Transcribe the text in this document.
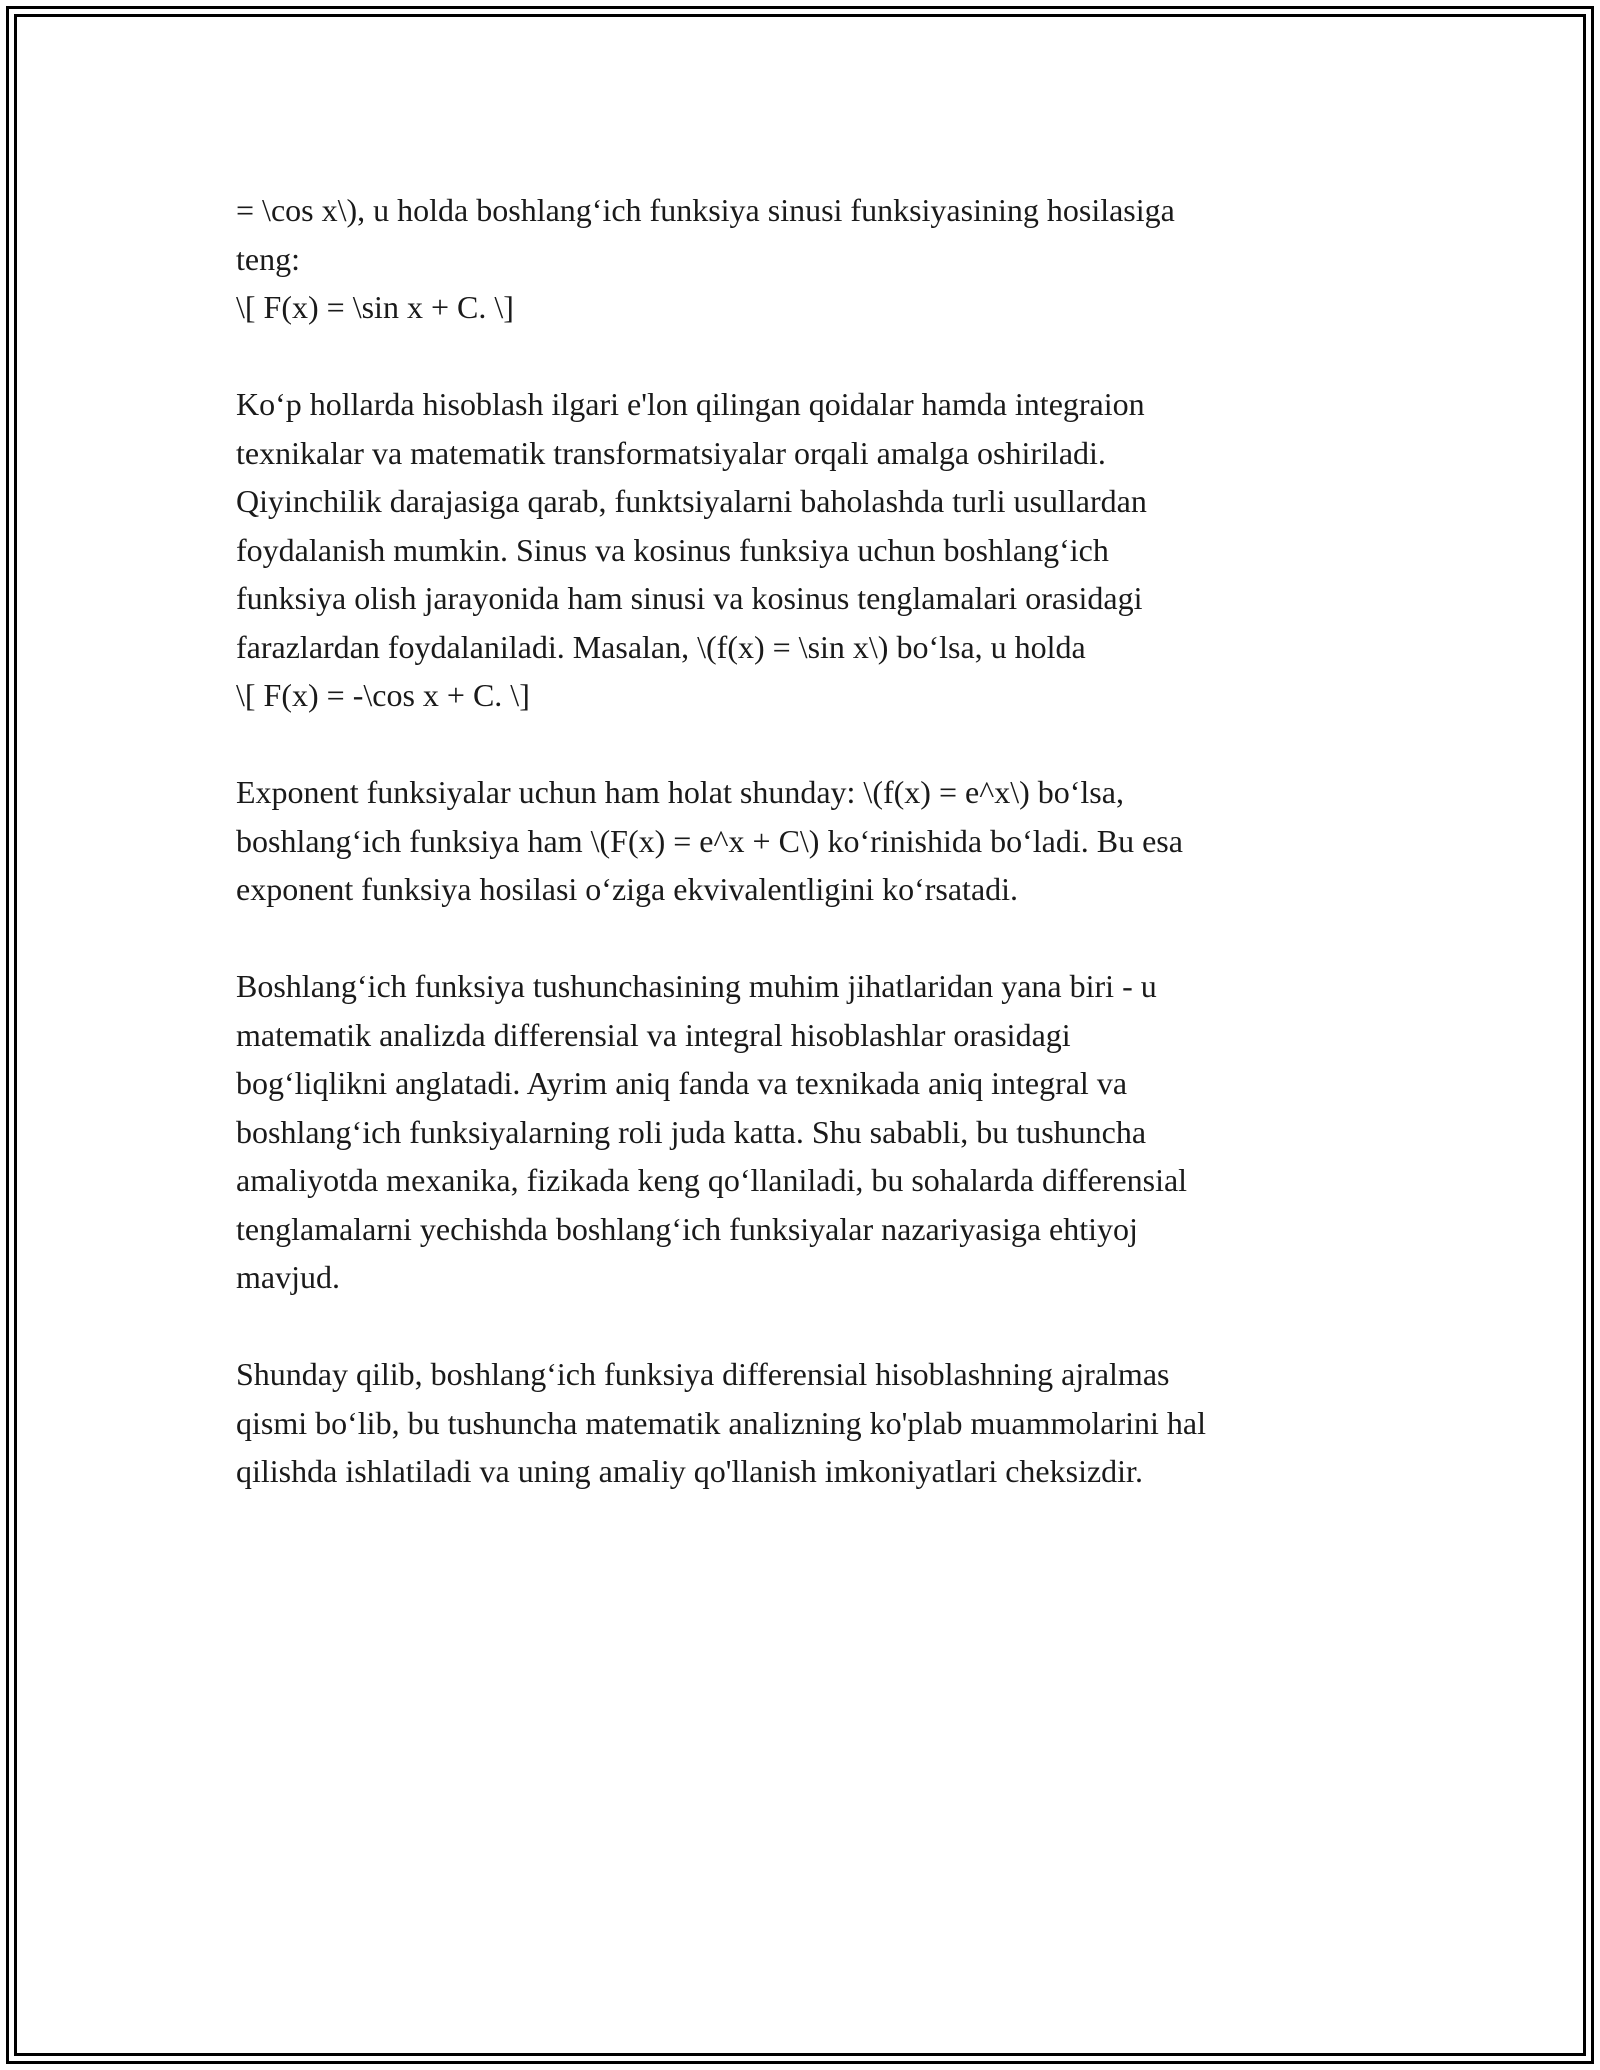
= \cos x\), u holda boshlang‘ich funksiya sinusi funksiyasining hosilasiga
teng:
\[ F(x) = \sin x + C. \]

Ko‘p hollarda hisoblash ilgari e'lon qilingan qoidalar hamda integraion
texnikalar va matematik transformatsiyalar orqali amalga oshiriladi.
Qiyinchilik darajasiga qarab, funktsiyalarni baholashda turli usullardan
foydalanish mumkin. Sinus va kosinus funksiya uchun boshlang‘ich
funksiya olish jarayonida ham sinusi va kosinus tenglamalari orasidagi
farazlardan foydalaniladi. Masalan, \(f(x) = \sin x\) bo‘lsa, u holda
\[ F(x) = -\cos x + C. \]

Exponent funksiyalar uchun ham holat shunday: \(f(x) = e^x\) bo‘lsa,
boshlang‘ich funksiya ham \(F(x) = e^x + C\) ko‘rinishida bo‘ladi. Bu esa
exponent funksiya hosilasi o‘ziga ekvivalentligini ko‘rsatadi.

Boshlang‘ich funksiya tushunchasining muhim jihatlaridan yana biri - u
matematik analizda differensial va integral hisoblashlar orasidagi
bog‘liqlikni anglatadi. Ayrim aniq fanda va texnikada aniq integral va
boshlang‘ich funksiyalarning roli juda katta. Shu sababli, bu tushuncha
amaliyotda mexanika, fizikada keng qo‘llaniladi, bu sohalarda differensial
tenglamalarni yechishda boshlang‘ich funksiyalar nazariyasiga ehtiyoj
mavjud.

Shunday qilib, boshlang‘ich funksiya differensial hisoblashning ajralmas
qismi bo‘lib, bu tushuncha matematik analizning ko'plab muammolarini hal
qilishda ishlatiladi va uning amaliy qo'llanish imkoniyatlari cheksizdir.
